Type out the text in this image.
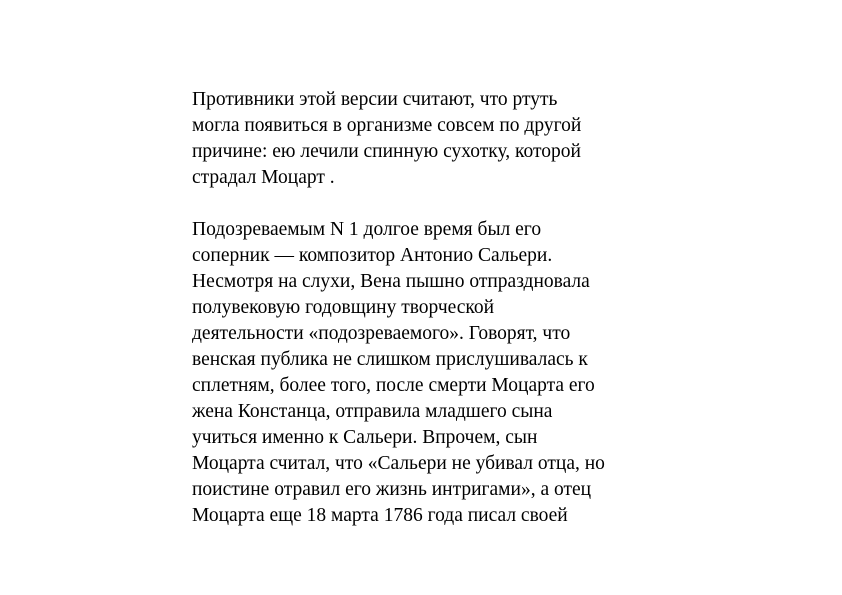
Противники этой версии считают, что ртуть
могла появиться в организме совсем по другой
причине: ею лечили спинную сухотку, которой
страдал Моцарт .
Подозреваемым N 1 долгое время был его
соперник — композитор Антонио Сальери.
Несмотря на слухи, Вена пышно отпраздновала
полувековую годовщину творческой
деятельности «подозреваемого». Говорят, что
венская публика не слишком прислушивалась к
сплетням, более того, после смерти Моцарта его
жена Констанца, отправила младшего сына
учиться именно к Сальери. Впрочем, сын
Моцарта считал, что «Сальери не убивал отца, но
поистине отравил его жизнь интригами», а отец
Моцарта еще 18 марта 1786 года писал своей
